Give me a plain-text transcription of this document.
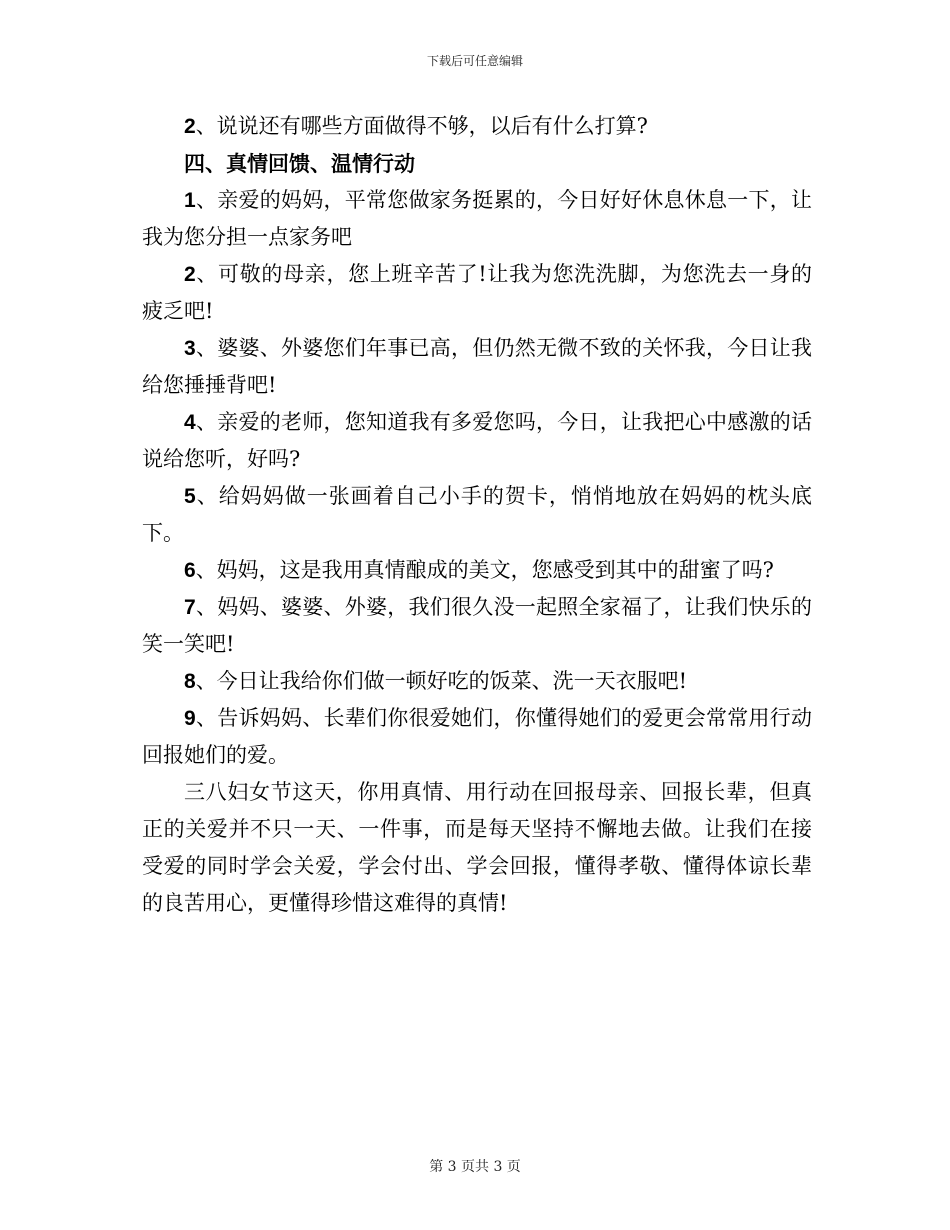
下载后可任意编辑

2、说说还有哪些方面做得不够，以后有什么打算?

四、真情回馈、温情行动

1、亲爱的妈妈，平常您做家务挺累的，今日好好休息休息一下，让我为您分担一点家务吧

2、可敬的母亲，您上班辛苦了!让我为您洗洗脚，为您洗去一身的疲乏吧!

3、婆婆、外婆您们年事已高，但仍然无微不致的关怀我，今日让我给您捶捶背吧!

4、亲爱的老师，您知道我有多爱您吗，今日，让我把心中感激的话说给您听，好吗?

5、给妈妈做一张画着自己小手的贺卡，悄悄地放在妈妈的枕头底下。

6、妈妈，这是我用真情酿成的美文，您感受到其中的甜蜜了吗?

7、妈妈、婆婆、外婆，我们很久没一起照全家福了，让我们快乐的笑一笑吧!

8、今日让我给你们做一顿好吃的饭菜、洗一天衣服吧!

9、告诉妈妈、长辈们你很爱她们，你懂得她们的爱更会常常用行动回报她们的爱。

三八妇女节这天，你用真情、用行动在回报母亲、回报长辈，但真正的关爱并不只一天、一件事，而是每天坚持不懈地去做。让我们在接受爱的同时学会关爱，学会付出、学会回报，懂得孝敬、懂得体谅长辈的良苦用心，更懂得珍惜这难得的真情!

第 3 页共 3 页
